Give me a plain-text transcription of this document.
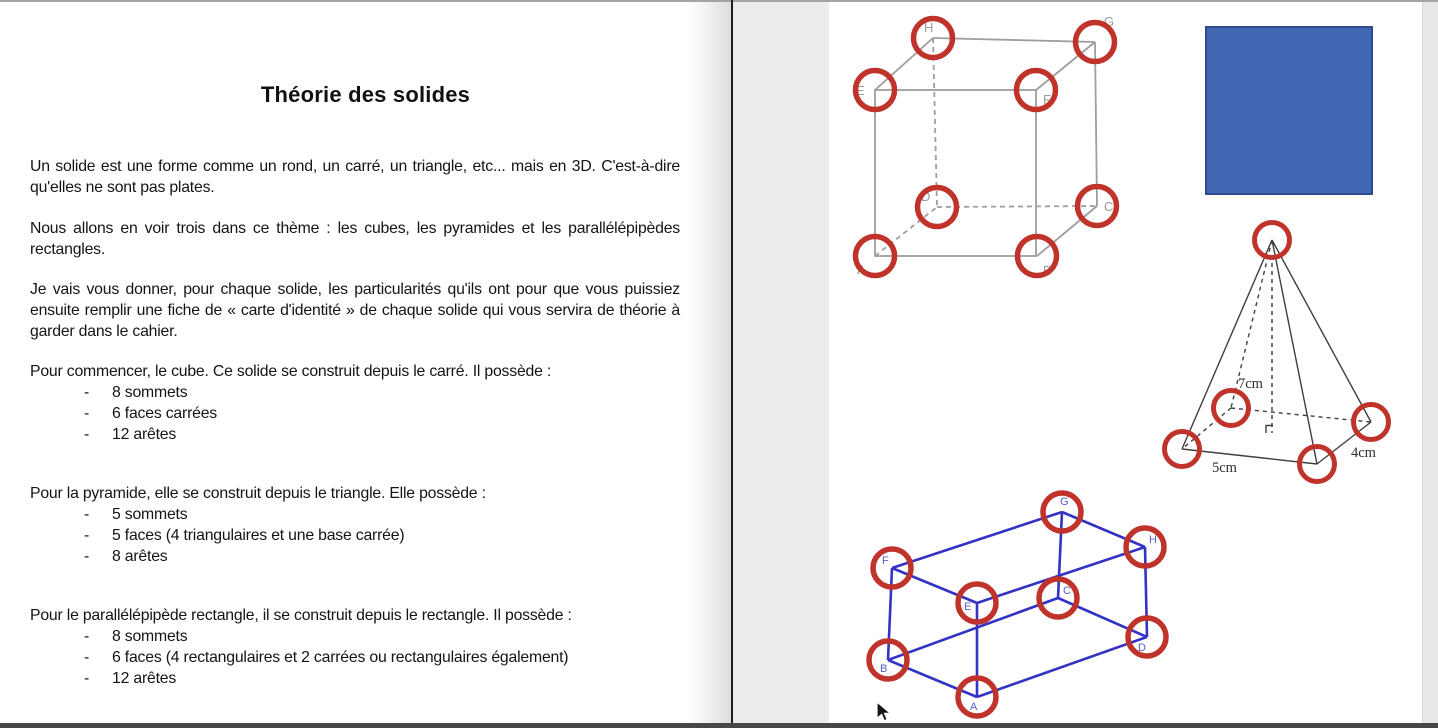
Théorie des solides
Un solide est une forme comme un rond, un carré, un triangle, etc... mais en 3D. C'est-à-dire qu'elles ne sont pas plates.
Nous allons en voir trois dans ce thème : les cubes, les pyramides et les parallélépipèdes rectangles.
Je vais vous donner, pour chaque solide, les particularités qu'ils ont pour que vous puissiez ensuite remplir une fiche de « carte d'identité » de chaque solide qui vous servira de théorie à garder dans le cahier.
Pour commencer, le cube. Ce solide se construit depuis le carré. Il possède :
-	8 sommets
-	6 faces carrées
-	12 arêtes
Pour la pyramide, elle se construit depuis le triangle. Elle possède :
-	5 sommets
-	5 faces (4 triangulaires et une base carrée)
-	8 arêtes
Pour le parallélépipède rectangle, il se construit depuis le rectangle. Il possède :
-	8 sommets
-	6 faces (4 rectangulaires et 2 carrées ou rectangulaires également)
-	12 arêtes
A	B
C
D
E
F
G
H
7cm
5cm
4cm
A
B
C
D
E
F
G
H
